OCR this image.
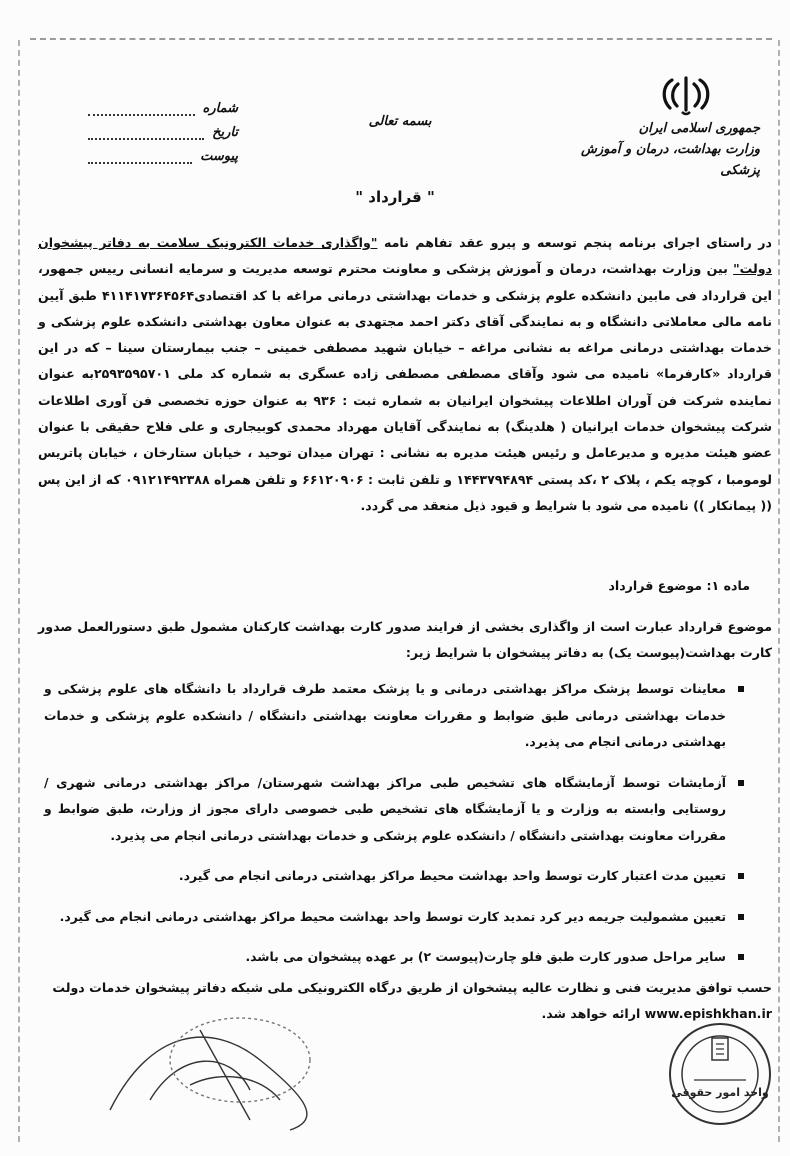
جمهوری اسلامی ایران
وزارت بهداشت، درمان و آموزش پزشکی
بسمه تعالی
شماره
تاریخ
پیوست
" قرارداد "
در راستای اجرای برنامه پنجم توسعه و پیرو عقد تفاهم نامه "واگذاری خدمات الکترونیک سلامت به دفاتر پیشخوان دولت" بین وزارت بهداشت، درمان و آموزش پزشکی و معاونت محترم توسعه مدیریت و سرمایه انسانی رییس جمهور، این قرارداد فی مابین دانشکده علوم پزشکی و خدمات بهداشتی درمانی مراغه با کد اقتصادی۴۱۱۴۱۷۳۶۴۵۶۴ طبق آیین نامه مالی معاملاتی دانشگاه و به نمایندگی آقای دکتر احمد مجتهدی به عنوان معاون بهداشتی دانشکده علوم پزشکی و خدمات بهداشتی درمانی مراغه به نشانی مراغه – خیابان شهید مصطفی خمینی – جنب بیمارستان سینا – که در این قرارداد «کارفرما» نامیده می شود وآقای مصطفی مصطفی زاده عسگری به شماره کد ملی ۲۵۹۳۵۹۵۷۰۱به عنوان نماینده شرکت فن آوران اطلاعات پیشخوان ایرانیان به شماره ثبت : ۹۳۶ به عنوان حوزه تخصصی فن آوری اطلاعات شرکت پیشخوان خدمات ایرانیان ( هلدینگ) به نمایندگی آقایان مهرداد محمدی کوبیجاری و علی فلاح حقیقی با عنوان عضو هیئت مدیره و مدیرعامل و رئیس هیئت مدیره به نشانی : تهران میدان توحید ، خیابان ستارخان ، خیابان پاتریس لومومبا ، کوچه یکم ، پلاک ۲ ،کد پستی ۱۴۴۳۷۹۴۸۹۴ و تلفن ثابت : ۶۶۱۲۰۹۰۶ و تلفن همراه ۰۹۱۲۱۴۹۲۳۸۸ که از این پس (( پیمانکار )) نامیده می شود با شرایط و قیود ذیل منعقد می گردد.
ماده ۱: موضوع قرارداد
موضوع قرارداد عبارت است از واگذاری بخشی از فرایند صدور کارت بهداشت کارکنان مشمول طبق دستورالعمل صدور کارت بهداشت(پیوست یک) به دفاتر پیشخوان با شرایط زیر:
معاینات توسط پزشک مراکز بهداشتی درمانی و یا پزشک معتمد طرف قرارداد با دانشگاه های علوم پزشکی و خدمات بهداشتی درمانی طبق ضوابط و مقررات معاونت بهداشتی دانشگاه / دانشکده علوم پزشکی و خدمات بهداشتی درمانی انجام می پذیرد.
آزمایشات توسط آزمایشگاه های تشخیص طبی مراکز بهداشت شهرستان/ مراکز بهداشتی درمانی شهری / روستایی وابسته به وزارت و یا آزمایشگاه های تشخیص طبی خصوصی دارای مجوز از وزارت، طبق ضوابط و مقررات معاونت بهداشتی دانشگاه / دانشکده علوم پزشکی و خدمات بهداشتی درمانی انجام می پذیرد.
تعیین مدت اعتبار کارت توسط واحد بهداشت محیط مراکز بهداشتی درمانی انجام می گیرد.
تعیین مشمولیت جریمه دیر کرد تمدید کارت توسط واحد بهداشت محیط مراکز بهداشتی درمانی انجام می گیرد.
سایر مراحل صدور کارت طبق فلو چارت(پیوست ۲) بر عهده پیشخوان می باشد.
حسب توافق مدیریت فنی و نظارت عالیه پیشخوان از طریق درگاه الکترونیکی ملی شبکه دفاتر پیشخوان خدمات دولت
www.epishkhan.ir ارائه خواهد شد.
واحد امور حقوقی
